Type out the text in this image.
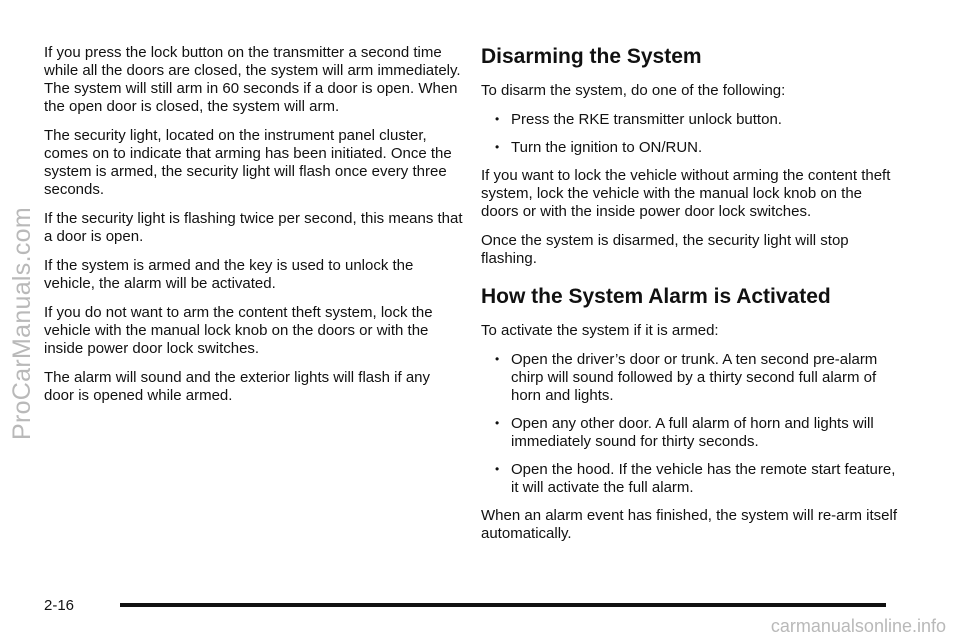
If you press the lock button on the transmitter a second time while all the doors are closed, the system will arm immediately. The system will still arm in 60 seconds if a door is open. When the open door is closed, the system will arm.

The security light, located on the instrument panel cluster, comes on to indicate that arming has been initiated. Once the system is armed, the security light will flash once every three seconds.

If the security light is flashing twice per second, this means that a door is open.

If the system is armed and the key is used to unlock the vehicle, the alarm will be activated.

If you do not want to arm the content theft system, lock the vehicle with the manual lock knob on the doors or with the inside power door lock switches.

The alarm will sound and the exterior lights will flash if any door is opened while armed.

Disarming the System

To disarm the system, do one of the following:

• Press the RKE transmitter unlock button.
• Turn the ignition to ON/RUN.

If you want to lock the vehicle without arming the content theft system, lock the vehicle with the manual lock knob on the doors or with the inside power door lock switches.

Once the system is disarmed, the security light will stop flashing.

How the System Alarm is Activated

To activate the system if it is armed:

• Open the driver’s door or trunk. A ten second pre-alarm chirp will sound followed by a thirty second full alarm of horn and lights.
• Open any other door. A full alarm of horn and lights will immediately sound for thirty seconds.
• Open the hood. If the vehicle has the remote start feature, it will activate the full alarm.

When an alarm event has finished, the system will re-arm itself automatically.

2-16
ProCarManuals.com
carmanualsonline.info
